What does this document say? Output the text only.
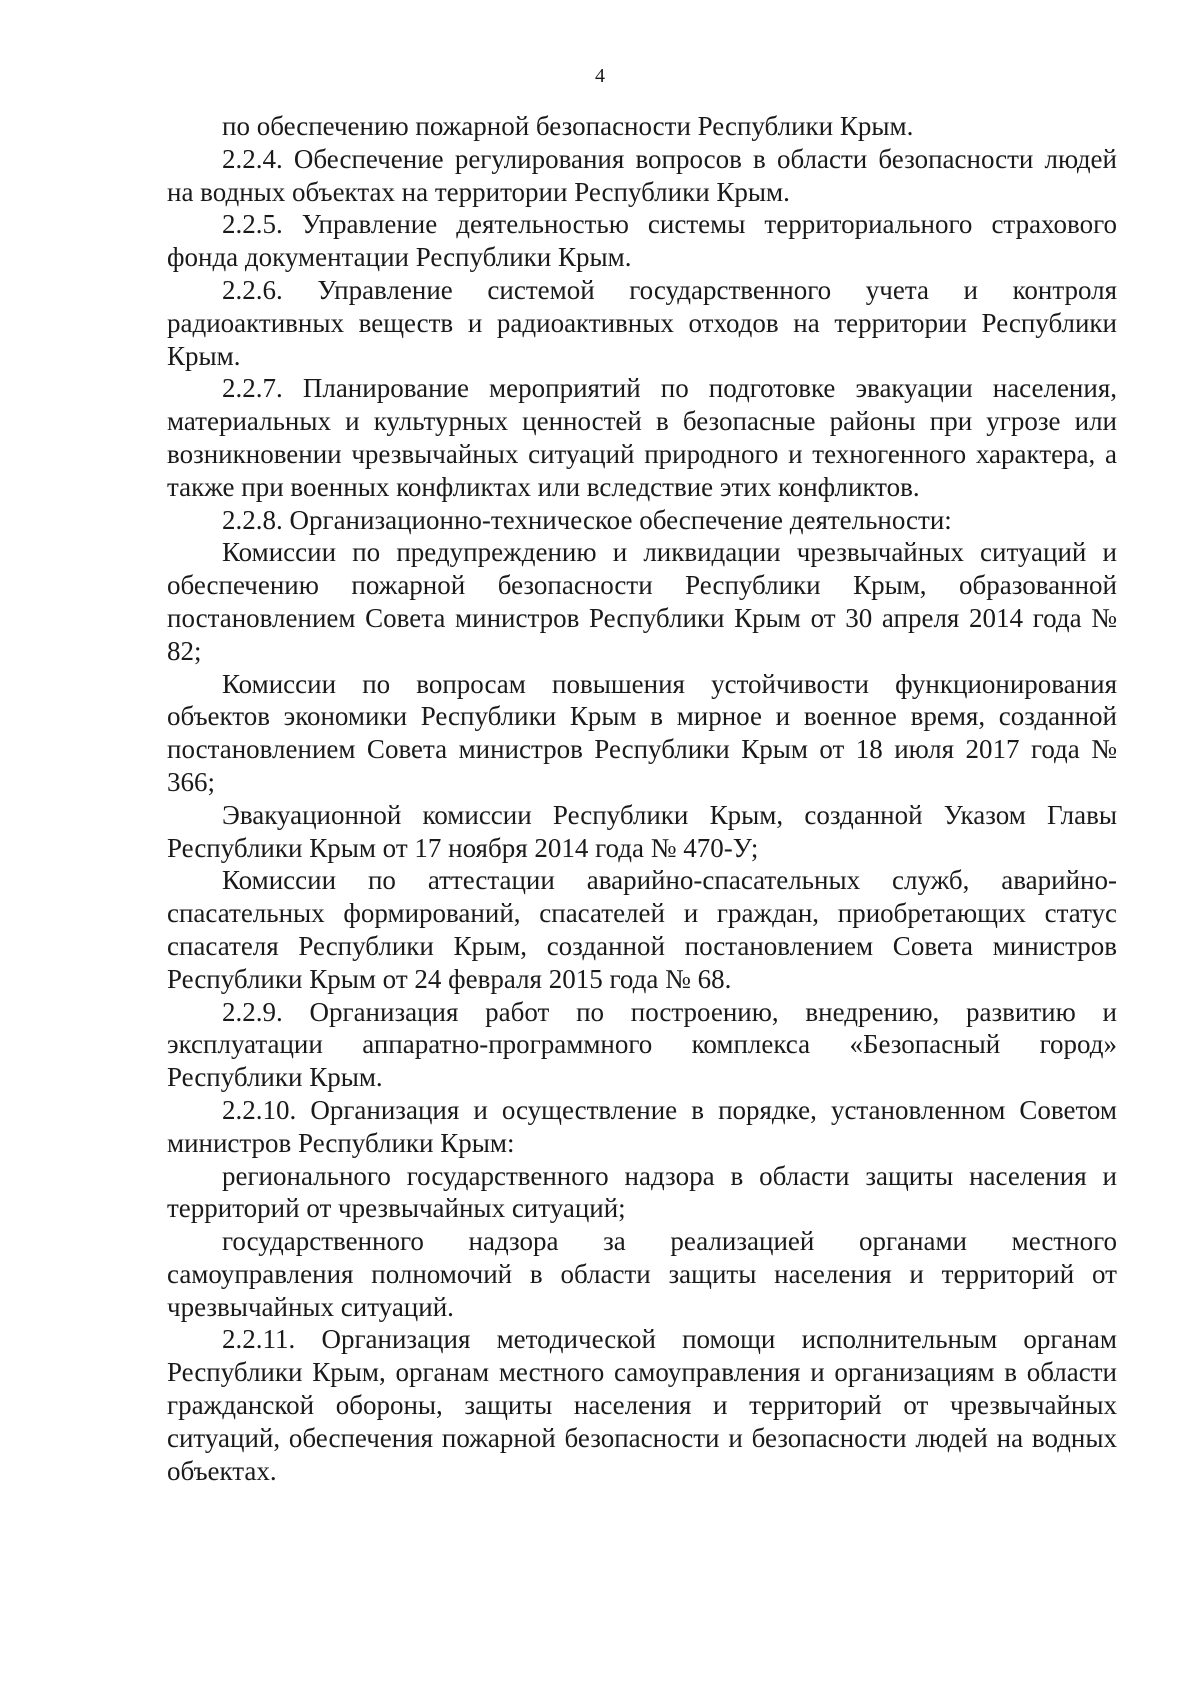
4

по обеспечению пожарной безопасности Республики Крым.

2.2.4. Обеспечение регулирования вопросов в области безопасности людей на водных объектах на территории Республики Крым.

2.2.5. Управление деятельностью системы территориального страхового фонда документации Республики Крым.

2.2.6. Управление системой государственного учета и контроля радиоактивных веществ и радиоактивных отходов на территории Республики Крым.

2.2.7. Планирование мероприятий по подготовке эвакуации населения, материальных и культурных ценностей в безопасные районы при угрозе или возникновении чрезвычайных ситуаций природного и техногенного характера, а также при военных конфликтах или вследствие этих конфликтов.

2.2.8. Организационно-техническое обеспечение деятельности:

Комиссии по предупреждению и ликвидации чрезвычайных ситуаций и обеспечению пожарной безопасности Республики Крым, образованной постановлением Совета министров Республики Крым от 30 апреля 2014 года № 82;

Комиссии по вопросам повышения устойчивости функционирования объектов экономики Республики Крым в мирное и военное время, созданной постановлением Совета министров Республики Крым от 18 июля 2017 года № 366;

Эвакуационной комиссии Республики Крым, созданной Указом Главы Республики Крым от 17 ноября 2014 года № 470-У;

Комиссии по аттестации аварийно-спасательных служб, аварийно-спасательных формирований, спасателей и граждан, приобретающих статус спасателя Республики Крым, созданной постановлением Совета министров Республики Крым от 24 февраля 2015 года № 68.

2.2.9. Организация работ по построению, внедрению, развитию и эксплуатации аппаратно-программного комплекса «Безопасный город» Республики Крым.

2.2.10. Организация и осуществление в порядке, установленном Советом министров Республики Крым:

регионального государственного надзора в области защиты населения и территорий от чрезвычайных ситуаций;

государственного надзора за реализацией органами местного самоуправления полномочий в области защиты населения и территорий от чрезвычайных ситуаций.

2.2.11. Организация методической помощи исполнительным органам Республики Крым, органам местного самоуправления и организациям в области гражданской обороны, защиты населения и территорий от чрезвычайных ситуаций, обеспечения пожарной безопасности и безопасности людей на водных объектах.
